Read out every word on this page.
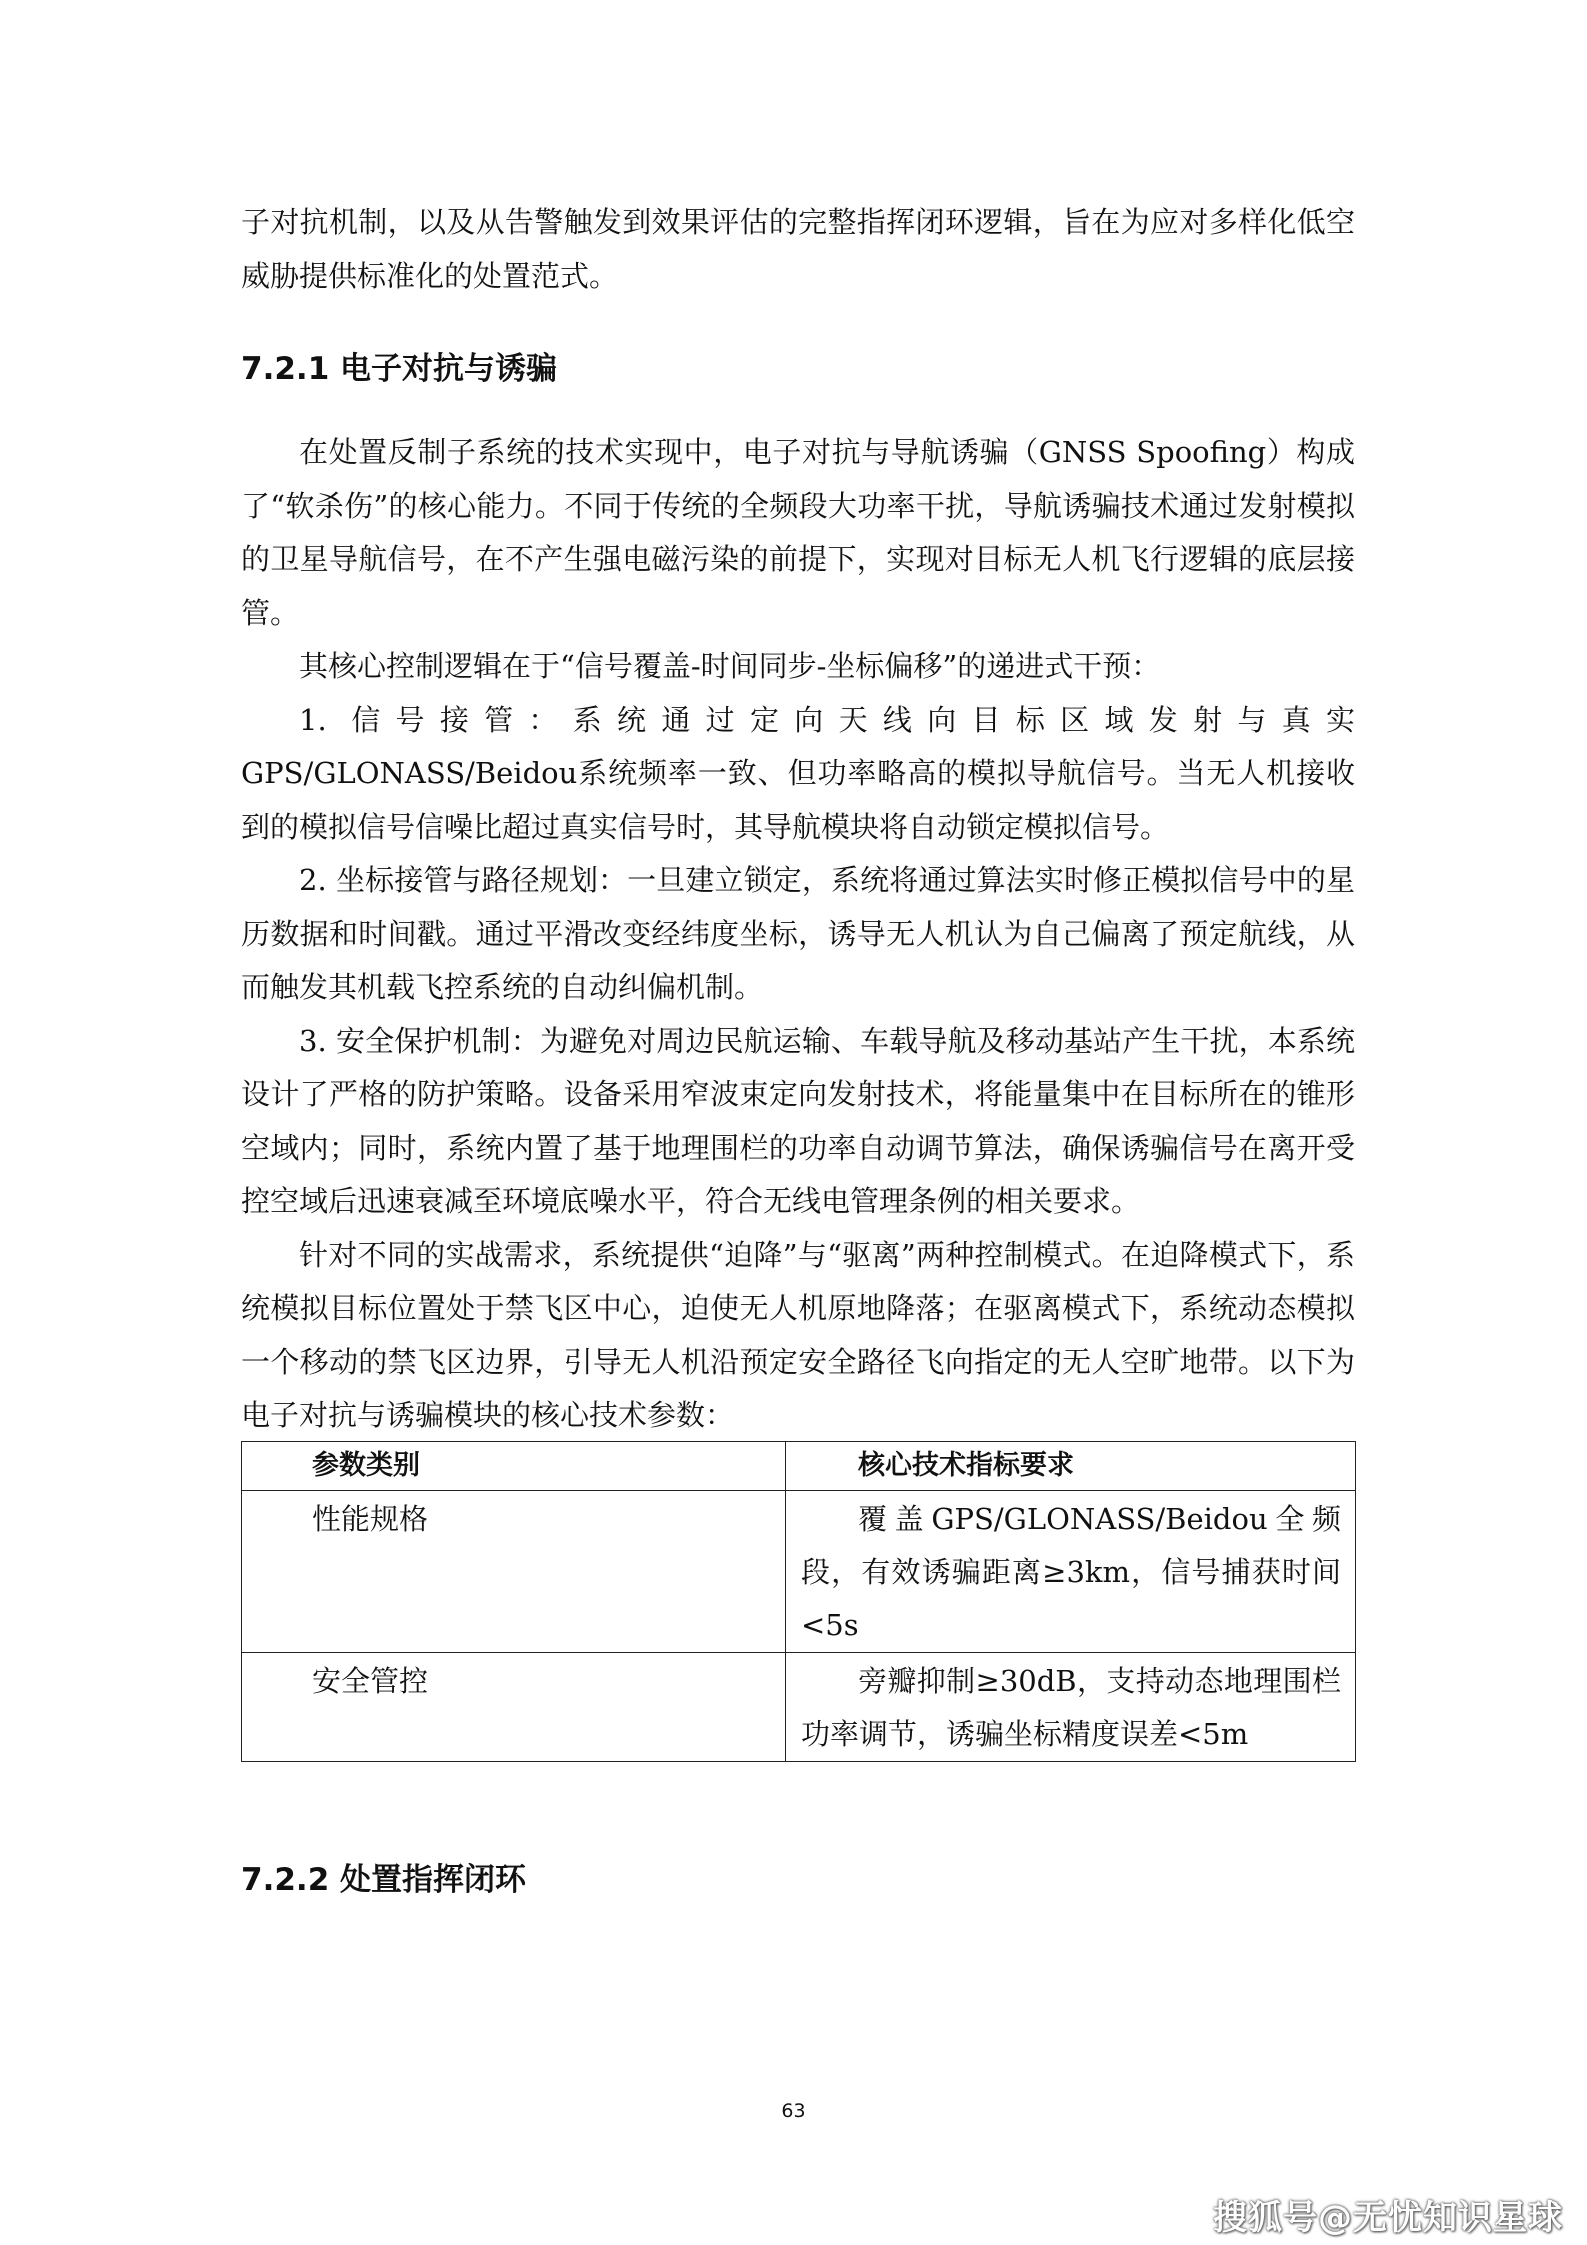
子对抗机制，以及从告警触发到效果评估的完整指挥闭环逻辑，旨在为应对多样化低空威胁提供标准化的处置范式。

7.2.1 电子对抗与诱骗

在处置反制子系统的技术实现中，电子对抗与导航诱骗（GNSS Spoofing）构成了“软杀伤”的核心能力。不同于传统的全频段大功率干扰，导航诱骗技术通过发射模拟的卫星导航信号，在不产生强电磁污染的前提下，实现对目标无人机飞行逻辑的底层接管。

其核心控制逻辑在于“信号覆盖-时间同步-坐标偏移”的递进式干预：

1. 信号接管：系统通过定向天线向目标区域发射与真实

GPS/GLONASS/Beidou系统频率一致、但功率略高的模拟导航信号。当无人机接收到的模拟信号信噪比超过真实信号时，其导航模块将自动锁定模拟信号。

2. 坐标接管与路径规划：一旦建立锁定，系统将通过算法实时修正模拟信号中的星历数据和时间戳。通过平滑改变经纬度坐标，诱导无人机认为自己偏离了预定航线，从而触发其机载飞控系统的自动纠偏机制。

3. 安全保护机制：为避免对周边民航运输、车载导航及移动基站产生干扰，本系统设计了严格的防护策略。设备采用窄波束定向发射技术，将能量集中在目标所在的锥形空域内；同时，系统内置了基于地理围栏的功率自动调节算法，确保诱骗信号在离开受控空域后迅速衰减至环境底噪水平，符合无线电管理条例的相关要求。

针对不同的实战需求，系统提供“迫降”与“驱离”两种控制模式。在迫降模式下，系统模拟目标位置处于禁飞区中心，迫使无人机原地降落；在驱离模式下，系统动态模拟一个移动的禁飞区边界，引导无人机沿预定安全路径飞向指定的无人空旷地带。以下为电子对抗与诱骗模块的核心技术参数：

参数类别	核心技术指标要求
性能规格	覆盖GPS/GLONASS/Beidou全频段，有效诱骗距离≥3km，信号捕获时间<5s
安全管控	旁瓣抑制≥30dB，支持动态地理围栏功率调节，诱骗坐标精度误差<5m
7.2.2 处置指挥闭环
63
搜狐号@无忧知识星球
